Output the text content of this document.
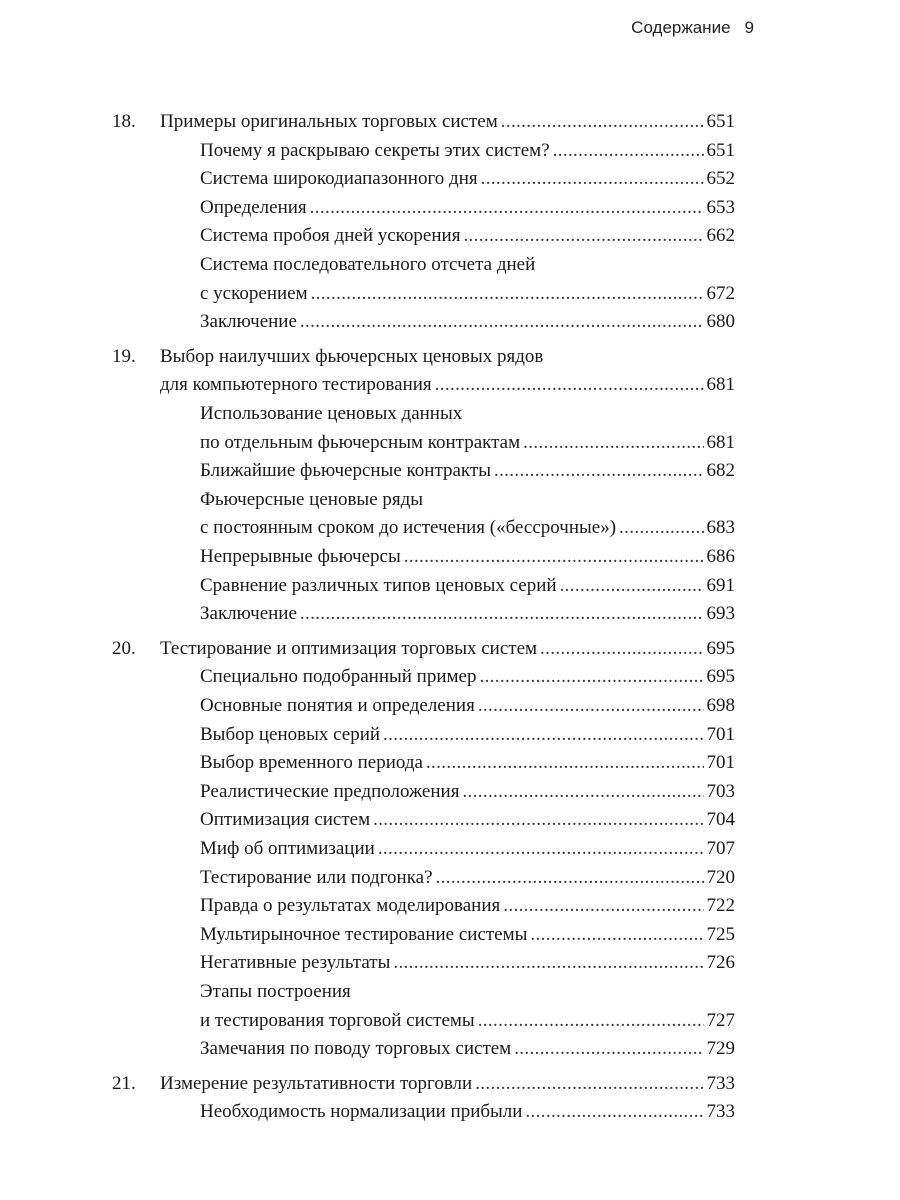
Содержание 9
18.	Примеры оригинальных торговых систем . . .	651
Почему я раскрываю секреты этих систем? . . .	651
Система широкодиапазонного дня . . .	652
Определения . . .	653
Система пробоя дней ускорения . . .	662
Система последовательного отсчета дней
с ускорением . . .	672
Заключение . . .	680
19.	Выбор наилучших фьючерсных ценовых рядов
для компьютерного тестирования . . .	681
Использование ценовых данных
по отдельным фьючерсным контрактам . . .	681
Ближайшие фьючерсные контракты . . .	682
Фьючерсные ценовые ряды
с постоянным сроком до истечения («бессрочные») . . .	683
Непрерывные фьючерсы . . .	686
Сравнение различных типов ценовых серий . . .	691
Заключение . . .	693
20.	Тестирование и оптимизация торговых систем . . .	695
Специально подобранный пример . . .	695
Основные понятия и определения . . .	698
Выбор ценовых серий . . .	701
Выбор временного периода . . .	701
Реалистические предположения . . .	703
Оптимизация систем . . .	704
Миф об оптимизации . . .	707
Тестирование или подгонка? . . .	720
Правда о результатах моделирования . . .	722
Мультирыночное тестирование системы . . .	725
Негативные результаты . . .	726
Этапы построения
и тестирования торговой системы . . .	727
Замечания по поводу торговых систем . . .	729
21.	Измерение результативности торговли . . .	733
Необходимость нормализации прибыли . . .	733
